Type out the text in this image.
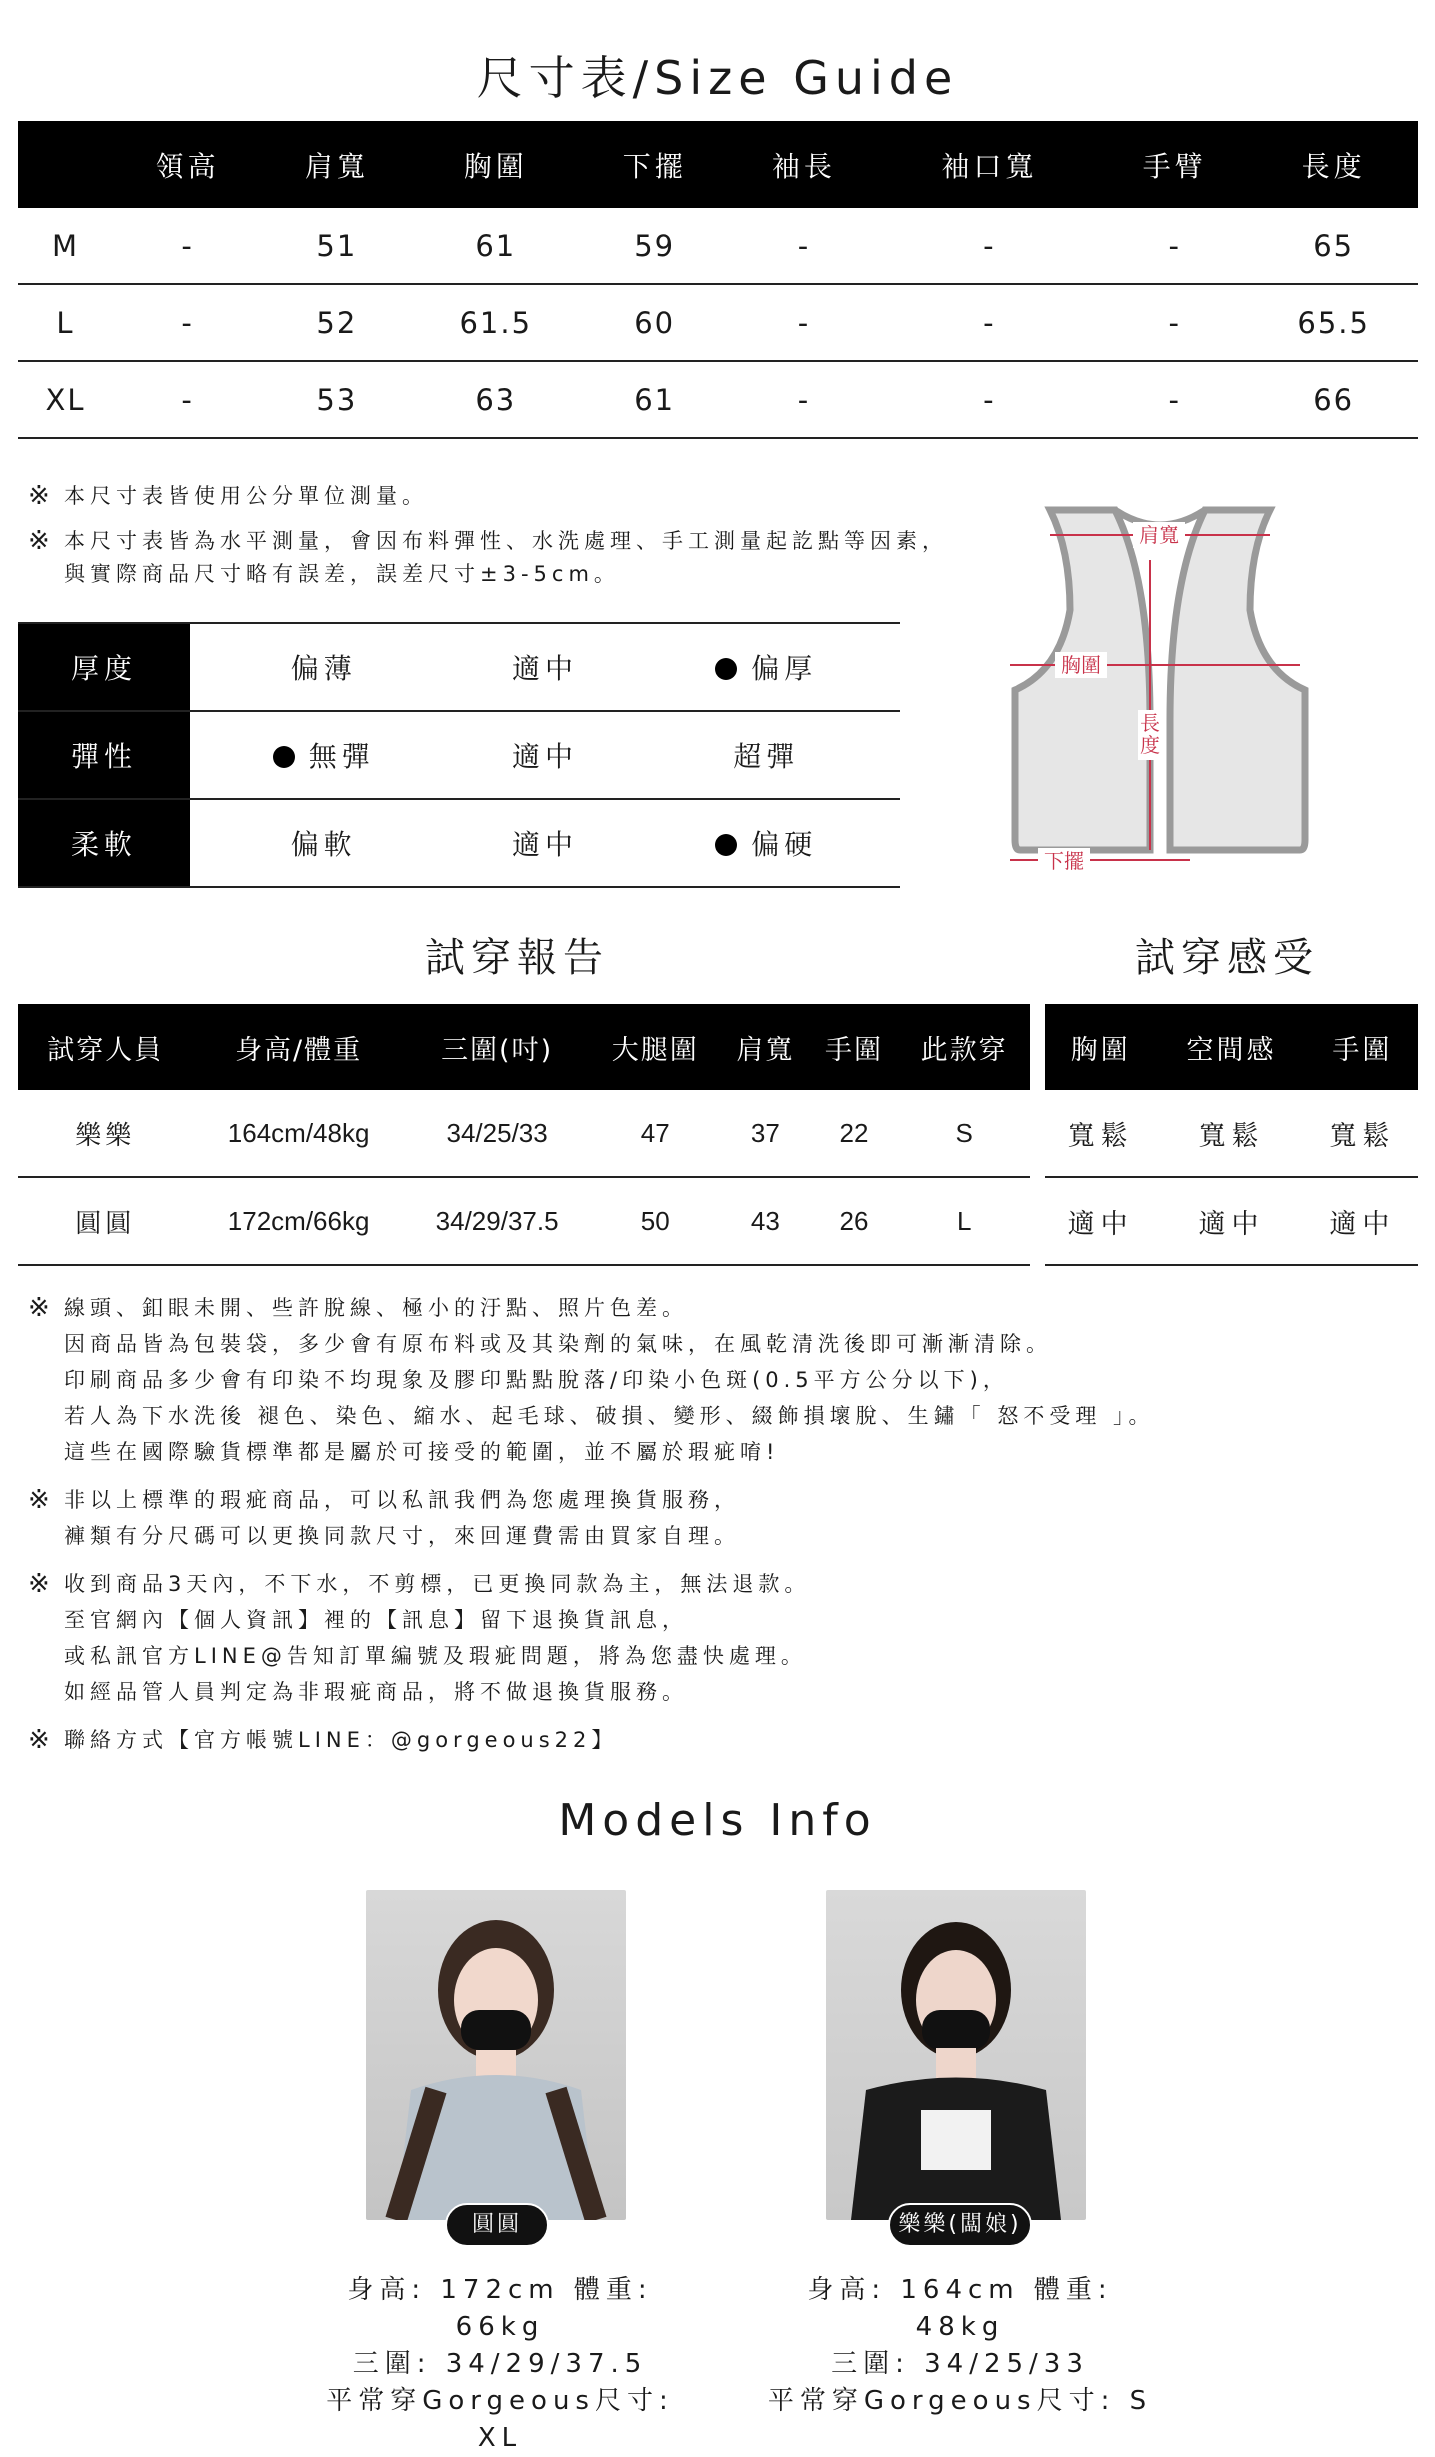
尺寸表/Size Guide
	領高	肩寬	胸圍	下擺	袖長	袖口寬	手臂	長度
M	-	51	61	59	-	-	-	65
L	-	52	61.5	60	-	-	-	65.5
XL	-	53	63	61	-	-	-	66
※ 本尺寸表皆使用公分單位測量。
※ 本尺寸表皆為水平測量，會因布料彈性、水洗處理、手工測量起訖點等因素，
與實際商品尺寸略有誤差，誤差尺寸±3-5cm。
厚度	偏薄	適中	偏厚
彈性	無彈	適中	超彈
柔軟	偏軟	適中	偏硬
肩寬
胸圍
長
度
下擺
試穿報告	試穿感受
試穿人員	身高/體重	三圍(吋)	大腿圍	肩寬	手圍	此款穿
樂樂	164cm/48kg	34/25/33	47	37	22	S
圓圓	172cm/66kg	34/29/37.5	50	43	26	L
胸圍	空間感	手圍
寬鬆	寬鬆	寬鬆
適中	適中	適中
※ 線頭、釦眼未開、些許脫線、極小的汙點、照片色差。
因商品皆為包裝袋，多少會有原布料或及其染劑的氣味，在風乾清洗後即可漸漸清除。
印刷商品多少會有印染不均現象及膠印點點脫落/印染小色斑(0.5平方公分以下)，
若人為下水洗後 褪色、染色、縮水、起毛球、破損、變形、綴飾損壞脫、生鏽「 怒不受理 」。
這些在國際驗貨標準都是屬於可接受的範圍，並不屬於瑕疵唷!
※ 非以上標準的瑕疵商品，可以私訊我們為您處理換貨服務，
褲類有分尺碼可以更換同款尺寸，來回運費需由買家自理。
※ 收到商品3天內，不下水，不剪標，已更換同款為主，無法退款。
至官網內【個人資訊】裡的【訊息】留下退換貨訊息，
或私訊官方LINE@告知訂單編號及瑕疵問題，將為您盡快處理。
如經品管人員判定為非瑕疵商品，將不做退換貨服務。
※ 聯絡方式【官方帳號LINE：@gorgeous22】
Models Info
圓圓	樂樂(闆娘)
身高: 172cm 體重: 66kg
三圍: 34/29/37.5
平常穿Gorgeous尺寸: XL
身高: 164cm 體重: 48kg
三圍: 34/25/33
平常穿Gorgeous尺寸: S
